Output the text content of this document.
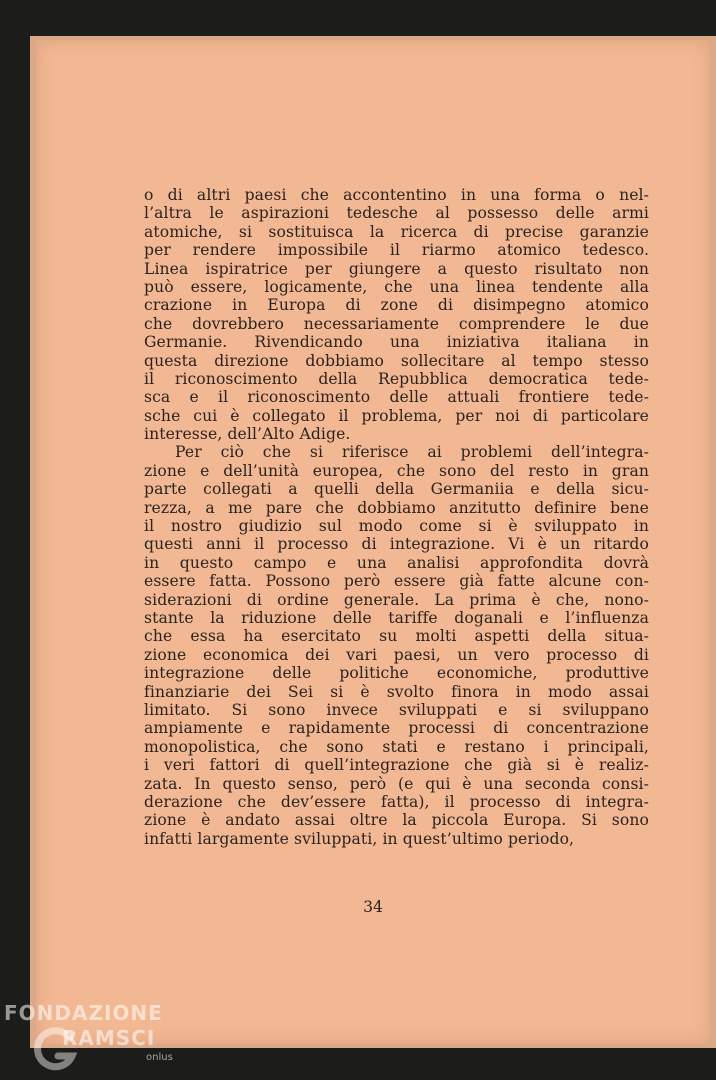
o di altri paesi che accontentino in una forma o nel-
l’altra le aspirazioni tedesche al possesso delle armi
atomiche, si sostituisca la ricerca di precise garanzie
per rendere impossibile il riarmo atomico tedesco.
Linea ispiratrice per giungere a questo risultato non
può essere, logicamente, che una linea tendente alla
crazione in Europa di zone di disimpegno atomico
che dovrebbero necessariamente comprendere le due
Germanie. Rivendicando una iniziativa italiana in
questa direzione dobbiamo sollecitare al tempo stesso
il riconoscimento della Repubblica democratica tede-
sca e il riconoscimento delle attuali frontiere tede-
sche cui è collegato il problema, per noi di particolare
interesse, dell’Alto Adige.

Per ciò che si riferisce ai problemi dell’integra-
zione e dell’unità europea, che sono del resto in gran
parte collegati a quelli della Germaniia e della sicu-
rezza, a me pare che dobbiamo anzitutto definire bene
il nostro giudizio sul modo come si è sviluppato in
questi anni il processo di integrazione. Vi è un ritardo
in questo campo e una analisi approfondita dovrà
essere fatta. Possono però essere già fatte alcune con-
siderazioni di ordine generale. La prima è che, nono-
stante la riduzione delle tariffe doganali e l’influenza
che essa ha esercitato su molti aspetti della situa-
zione economica dei vari paesi, un vero processo di
integrazione delle politiche economiche, produttive
finanziarie dei Sei si è svolto finora in modo assai
limitato. Si sono invece sviluppati e si sviluppano
ampiamente e rapidamente processi di concentrazione
monopolistica, che sono stati e restano i principali,
i veri fattori di quell’integrazione che già si è realiz-
zata. In questo senso, però (e qui è una seconda consi-
derazione che dev’essere fatta), il processo di integra-
zione è andato assai oltre la piccola Europa. Si sono
infatti largamente sviluppati, in quest’ultimo periodo,

34
FONDAZIONE
RAMSCI
onlus
